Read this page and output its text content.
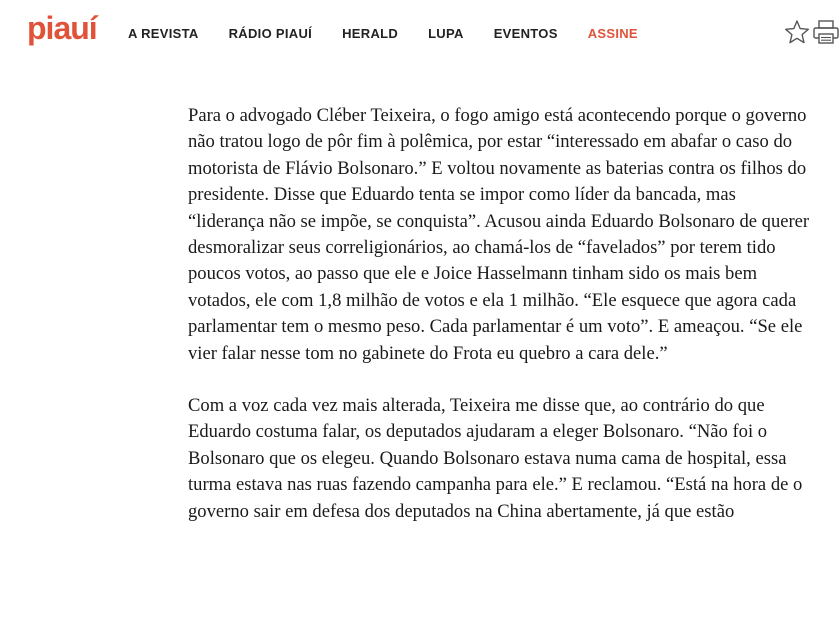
piauí A REVISTA RÁDIO PIAUÍ HERALD LUPA EVENTOS ASSINE

Para o advogado Cléber Teixeira, o fogo amigo está acontecendo porque o governo não tratou logo de pôr fim à polêmica, por estar “interessado em abafar o caso do motorista de Flávio Bolsonaro.” E voltou novamente as baterias contra os filhos do presidente. Disse que Eduardo tenta se impor como líder da bancada, mas “liderança não se impõe, se conquista”. Acusou ainda Eduardo Bolsonaro de querer desmoralizar seus correligionários, ao chamá-los de “favelados” por terem tido poucos votos, ao passo que ele e Joice Hasselmann tinham sido os mais bem votados, ele com 1,8 milhão de votos e ela 1 milhão. “Ele esquece que agora cada parlamentar tem o mesmo peso. Cada parlamentar é um voto”. E ameaçou. “Se ele vier falar nesse tom no gabinete do Frota eu quebro a cara dele.”

Com a voz cada vez mais alterada, Teixeira me disse que, ao contrário do que Eduardo costuma falar, os deputados ajudaram a eleger Bolsonaro. “Não foi o Bolsonaro que os elegeu. Quando Bolsonaro estava numa cama de hospital, essa turma estava nas ruas fazendo campanha para ele.” E reclamou. “Está na hora de o governo sair em defesa dos deputados na China abertamente, já que estão
